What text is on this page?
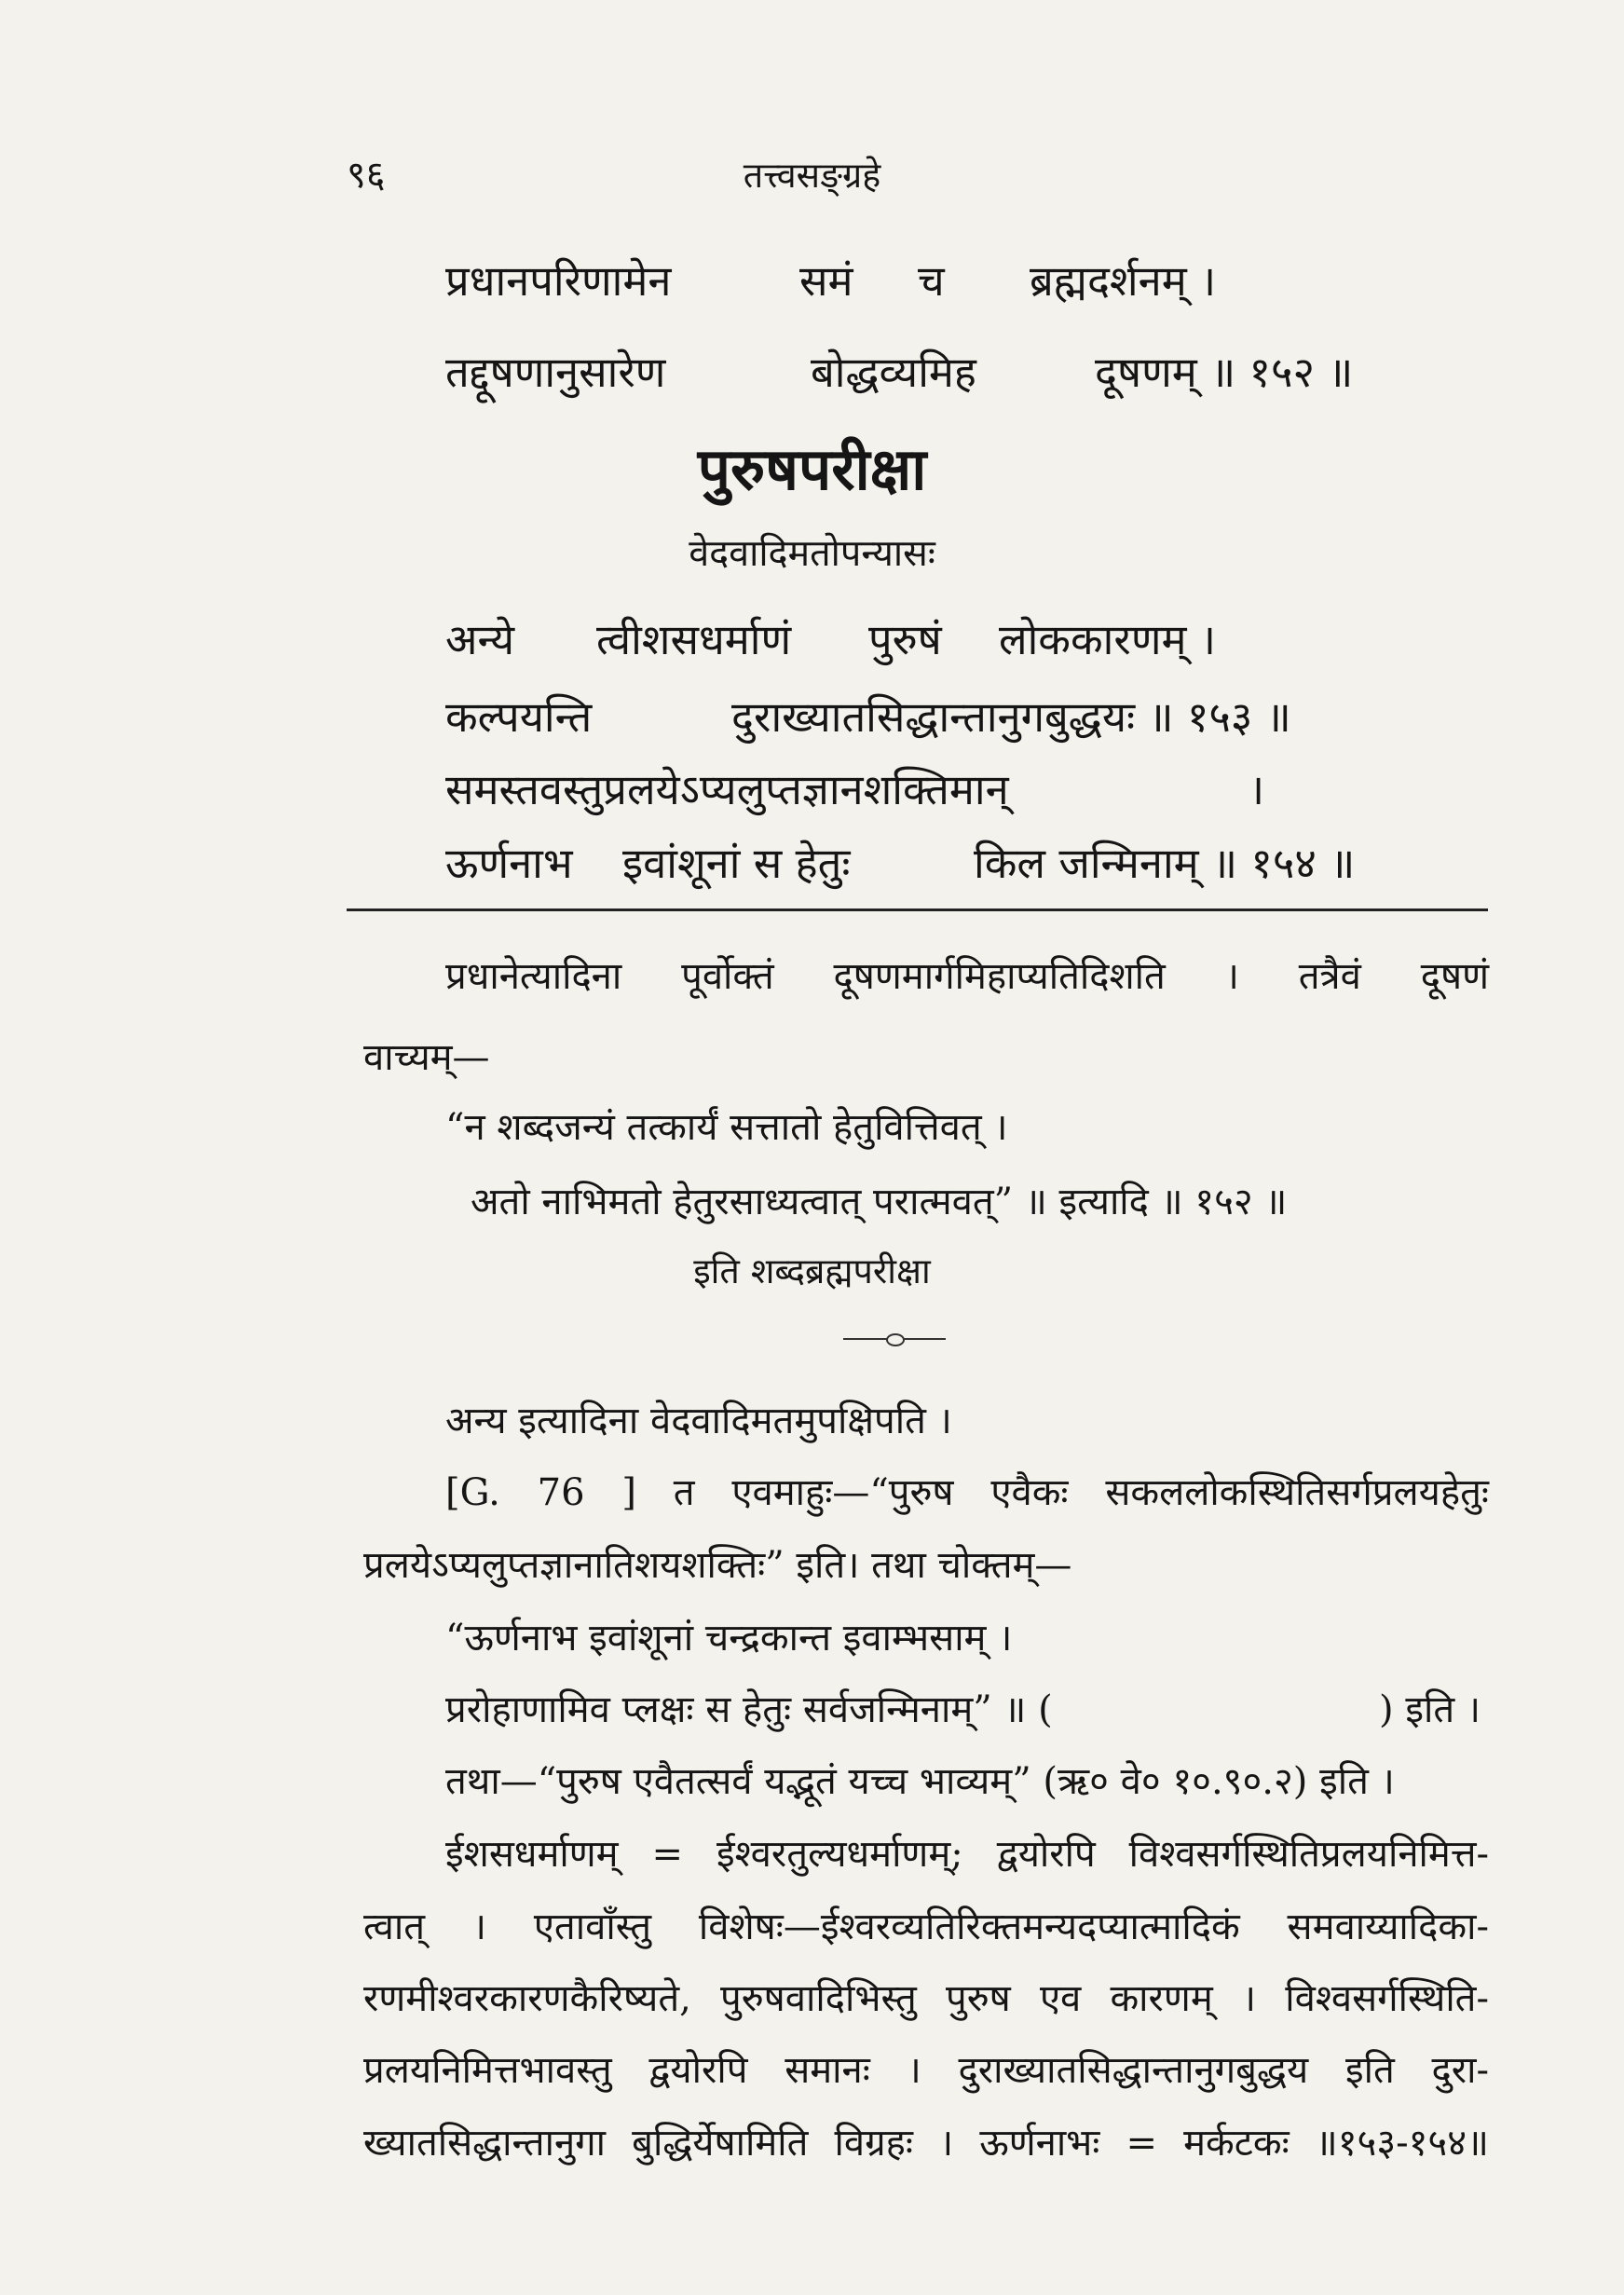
९६	तत्त्वसङ्ग्रहे
प्रधानपरिणामेन	समं च ब्रह्मदर्शनम् ।
तद्दूषणानुसारेण	बोद्धव्यमिह	दूषणम् ॥ १५२ ॥
पुरुषपरीक्षा
वेदवादिमतोपन्यासः
अन्ये त्वीशसधर्माणं पुरुषं लोककारणम् ।
कल्पयन्ति	दुराख्यातसिद्धान्तानुगबुद्धयः ॥ १५३ ॥
समस्तवस्तुप्रलयेऽप्यलुप्तज्ञानशक्तिमान्	।
ऊर्णनाभ इवांशूनां स हेतुः	किल जन्मिनाम् ॥ १५४ ॥
प्रधानेत्यादिना पूर्वोक्तं दूषणमार्गमिहाप्यतिदिशति । तत्रैवं दूषणं
वाच्यम्—
“न शब्दजन्यं तत्कार्यं सत्तातो हेतुवित्तिवत् ।
अतो नाभिमतो हेतुरसाध्यत्वात् परात्मवत्” ॥ इत्यादि ॥ १५२ ॥
इति शब्दब्रह्मपरीक्षा
अन्य इत्यादिना वेदवादिमतमुपक्षिपति ।
[G. 76 ] त एवमाहुः—“पुरुष एवैकः सकललोकस्थितिसर्गप्रलयहेतुः
प्रलयेऽप्यलुप्तज्ञानातिशयशक्तिः” इति। तथा चोक्तम्—
“ऊर्णनाभ इवांशूनां चन्द्रकान्त इवाम्भसाम् ।
प्ररोहाणामिव प्लक्षः स हेतुः सर्वजन्मिनाम्” ॥ (	) इति ।
तथा—“पुरुष एवैतत्सर्वं यद्भूतं यच्च भाव्यम्” (ऋ० वे० १०.९०.२) इति ।
ईशसधर्माणम् = ईश्वरतुल्यधर्माणम्; द्वयोरपि विश्वसर्गस्थितिप्रलयनिमित्त-
त्वात् । एतावाँस्तु विशेषः—ईश्वरव्यतिरिक्तमन्यदप्यात्मादिकं समवाय्यादिका-
रणमीश्वरकारणकैरिष्यते, पुरुषवादिभिस्तु पुरुष एव कारणम् । विश्वसर्गस्थिति-
प्रलयनिमित्तभावस्तु द्वयोरपि समानः । दुराख्यातसिद्धान्तानुगबुद्धय इति दुरा-
ख्यातसिद्धान्तानुगा बुद्धिर्येषामिति विग्रहः । ऊर्णनाभः = मर्कटकः ॥१५३-१५४॥
